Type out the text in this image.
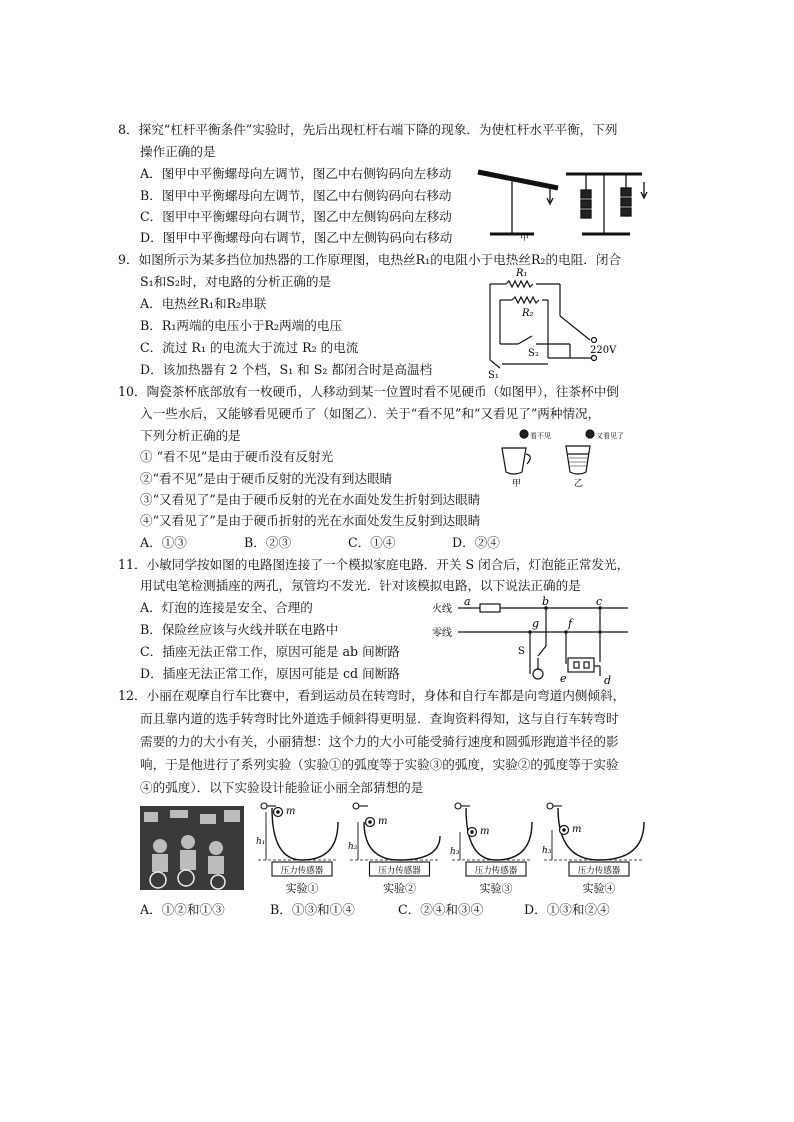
8．探究“杠杆平衡条件”实验时，先后出现杠杆右端下降的现象．为使杠杆水平平衡，下列
操作正确的是
A．图甲中平衡螺母向左调节，图乙中右侧钩码向左移动
B．图甲中平衡螺母向左调节，图乙中右侧钩码向右移动
C．图甲中平衡螺母向右调节，图乙中左侧钩码向左移动
D．图甲中平衡螺母向右调节，图乙中左侧钩码向右移动	甲
9．如图所示为某多挡位加热器的工作原理图，电热丝R₁的电阻小于电热丝R₂的电阻．闭合
S₁和S₂时，对电路的分析正确的是
A．电热丝R₁和R₂串联
B．R₁两端的电压小于R₂两端的电压
C．流过 R₁ 的电流大于流过 R₂ 的电流
D．该加热器有 2 个档，S₁ 和 S₂ 都闭合时是高温档
R₁
R₂
S₂
S₁
220V
10．陶瓷茶杯底部放有一枚硬币，人移动到某一位置时看不见硬币（如图甲），往茶杯中倒
入一些水后，又能够看见硬币了（如图乙）．关于“看不见”和“又看见了”两种情况，
下列分析正确的是
① “看不见”是由于硬币没有反射光
②“看不见”是由于硬币反射的光没有到达眼睛
③“又看见了”是由于硬币反射的光在水面处发生折射到达眼睛
④“又看见了”是由于硬币折射的光在水面处发生反射到达眼睛
A．①③	B．②③	C．①④	D．②④
看不见	又看见了
甲	乙
11．小敏同学按如图的电路图连接了一个模拟家庭电路．开关 S 闭合后，灯泡能正常发光，
用试电笔检测插座的两孔，氖管均不发光．针对该模拟电路，以下说法正确的是
A．灯泡的连接是安全、合理的
B．保险丝应该与火线并联在电路中
C．插座无法正常工作，原因可能是 ab 间断路
D．插座无法正常工作，原因可能是 cd 间断路
火线
零线
a	b	c
g	f
e	d
S
12．小丽在观摩自行车比赛中，看到运动员在转弯时，身体和自行车都是向弯道内侧倾斜，
而且靠内道的选手转弯时比外道选手倾斜得更明显．查询资料得知，这与自行车转弯时
需要的力的大小有关，小丽猜想：这个力的大小可能受骑行速度和圆弧形跑道半径的影
响，于是他进行了系列实验（实验①的弧度等于实验③的弧度，实验②的弧度等于实验
④的弧度）．以下实验设计能验证小丽全部猜想的是
m
h₁
压力传感器
实验①
m
h₂
压力传感器
实验②
m
h₃
压力传感器
实验③
m
h₃
压力传感器
实验④
A．①②和①③	B．①③和①④	C．②④和③④	D．①③和②④
